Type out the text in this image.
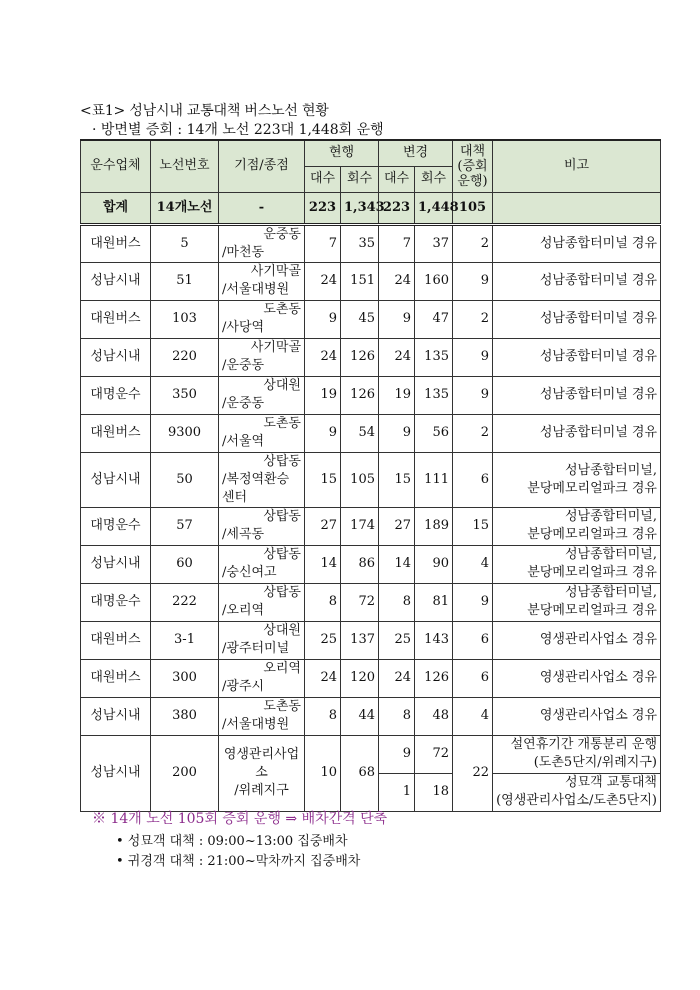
<표1> 성남시내 교통대책 버스노선 현황
· 방면별 증회 : 14개 노선 223대 1,448회 운행
운수업체	노선번호	기점/종점	현행		변경		대책(증회운행)	비고
			대수	회수	대수	회수		
합계	14개노선	-	223	1,343	223	1,448	105	
대원버스	5	운중동
/마천동	7	35	7	37	2	성남종합터미널 경유

성남시내	51	사기막골
/서울대병원	24	151	24	160	9	성남종합터미널 경유

대원버스	103	도촌동
/사당역	9	45	9	47	2	성남종합터미널 경유

성남시내	220	사기막골
/운중동	24	126	24	135	9	성남종합터미널 경유

대명운수	350	상대원
/운중동	19	126	19	135	9	성남종합터미널 경유

대원버스	9300	도촌동
/서울역	9	54	9	56	2	성남종합터미널 경유

성남시내	50	상탑동
/복정역환승센터	15	105	15	111	6	성남종합터미널,
분당메모리얼파크 경유

대명운수	57	상탑동
/세곡동	27	174	27	189	15	성남종합터미널,
분당메모리얼파크 경유

성남시내	60	상탑동
/숭신여고	14	86	14	90	4	성남종합터미널,
분당메모리얼파크 경유

대명운수	222	상탑동
/오리역	8	72	8	81	9	성남종합터미널,
분당메모리얼파크 경유

대원버스	3-1	상대원
/광주터미널	25	137	25	143	6	영생관리사업소 경유

대원버스	300	오리역
/광주시	24	120	24	126	6	영생관리사업소 경유

성남시내	380	도촌동
/서울대병원	8	44	8	48	4	영생관리사업소 경유

성남시내	200	영생관리사업소
/위례지구	10	68	9	72	22	설연휴기간 개통분리 운행
(도촌5단지/위례지구)

					1	18		성묘객 교통대책
(영생관리사업소/도촌5단지)
※ 14개 노선 105회 증회 운행 ⇒ 배차간격 단축
• 성묘객 대책 : 09:00~13:00 집중배차
• 귀경객 대책 : 21:00~막차까지 집중배차
